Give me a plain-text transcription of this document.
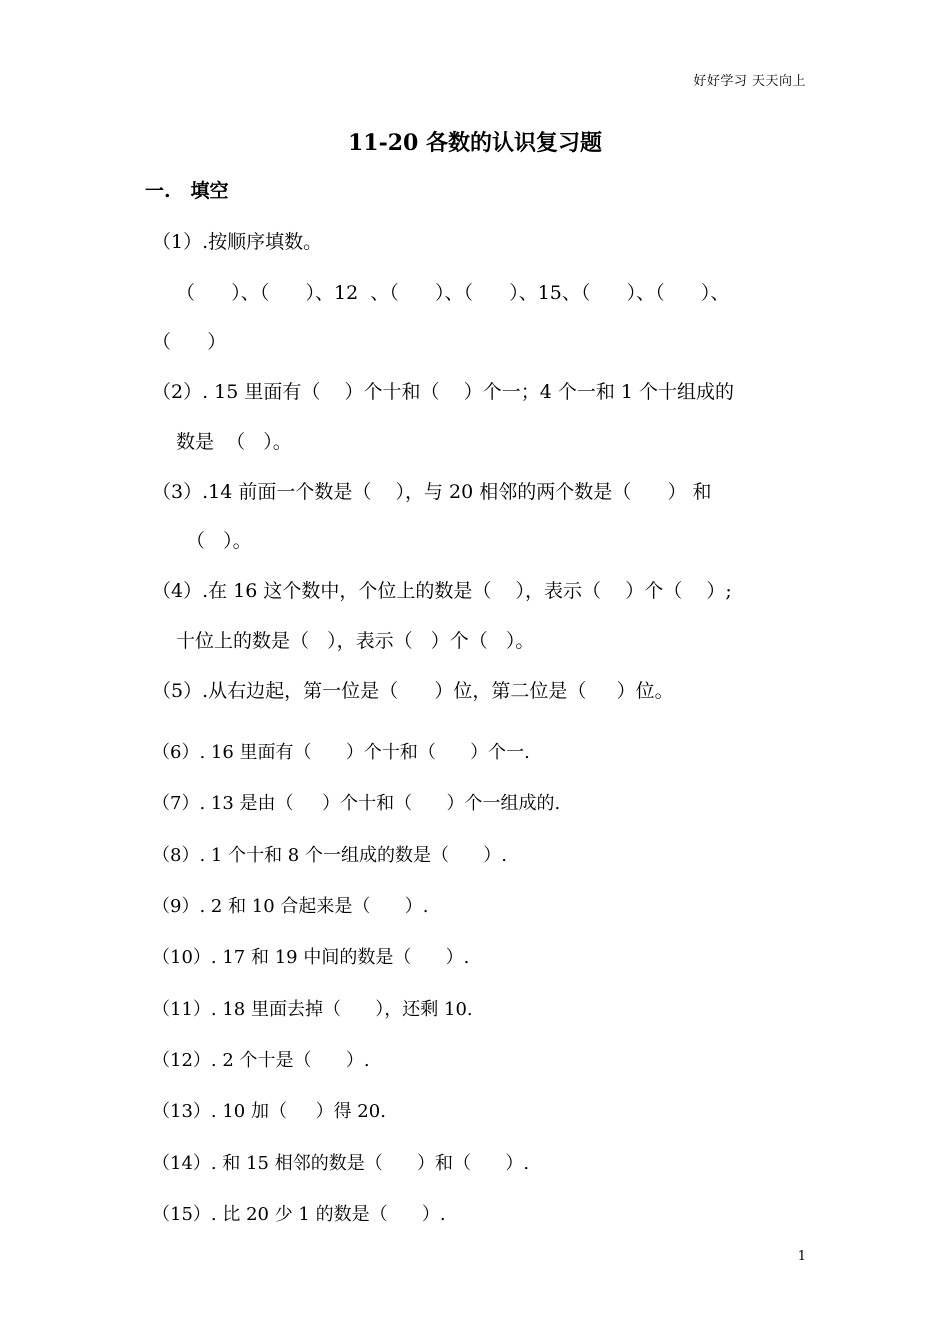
好好学习 天天向上
11-20 各数的认识复习题
一.   填空
（1）.按顺序填数。
（      ）、（      ）、12  、（      ）、（      ）、15、（      ）、（      ）、
（      ）
（2）. 15 里面有（    ）个十和（    ）个一；4 个一和 1 个十组成的
数是  （   ）。
（3）.14 前面一个数是（    ），与 20 相邻的两个数是（      ） 和
（   ）。
（4）.在 16 这个数中，个位上的数是（    ），表示（    ）个（    ）;
十位上的数是（   ），表示（   ）个（   ）。
（5）.从右边起，第一位是（      ）位，第二位是（     ）位。
（6）. 16 里面有（      ）个十和（      ）个一.
（7）. 13 是由（     ）个十和（      ）个一组成的.
（8）. 1 个十和 8 个一组成的数是（      ）.
（9）. 2 和 10 合起来是（      ）.
（10）. 17 和 19 中间的数是（      ）.
（11）. 18 里面去掉（      ），还剩 10.
（12）. 2 个十是（      ）.
（13）. 10 加（     ）得 20.
（14）. 和 15 相邻的数是（      ）和（      ）.
（15）. 比 20 少 1 的数是（      ）.
1
